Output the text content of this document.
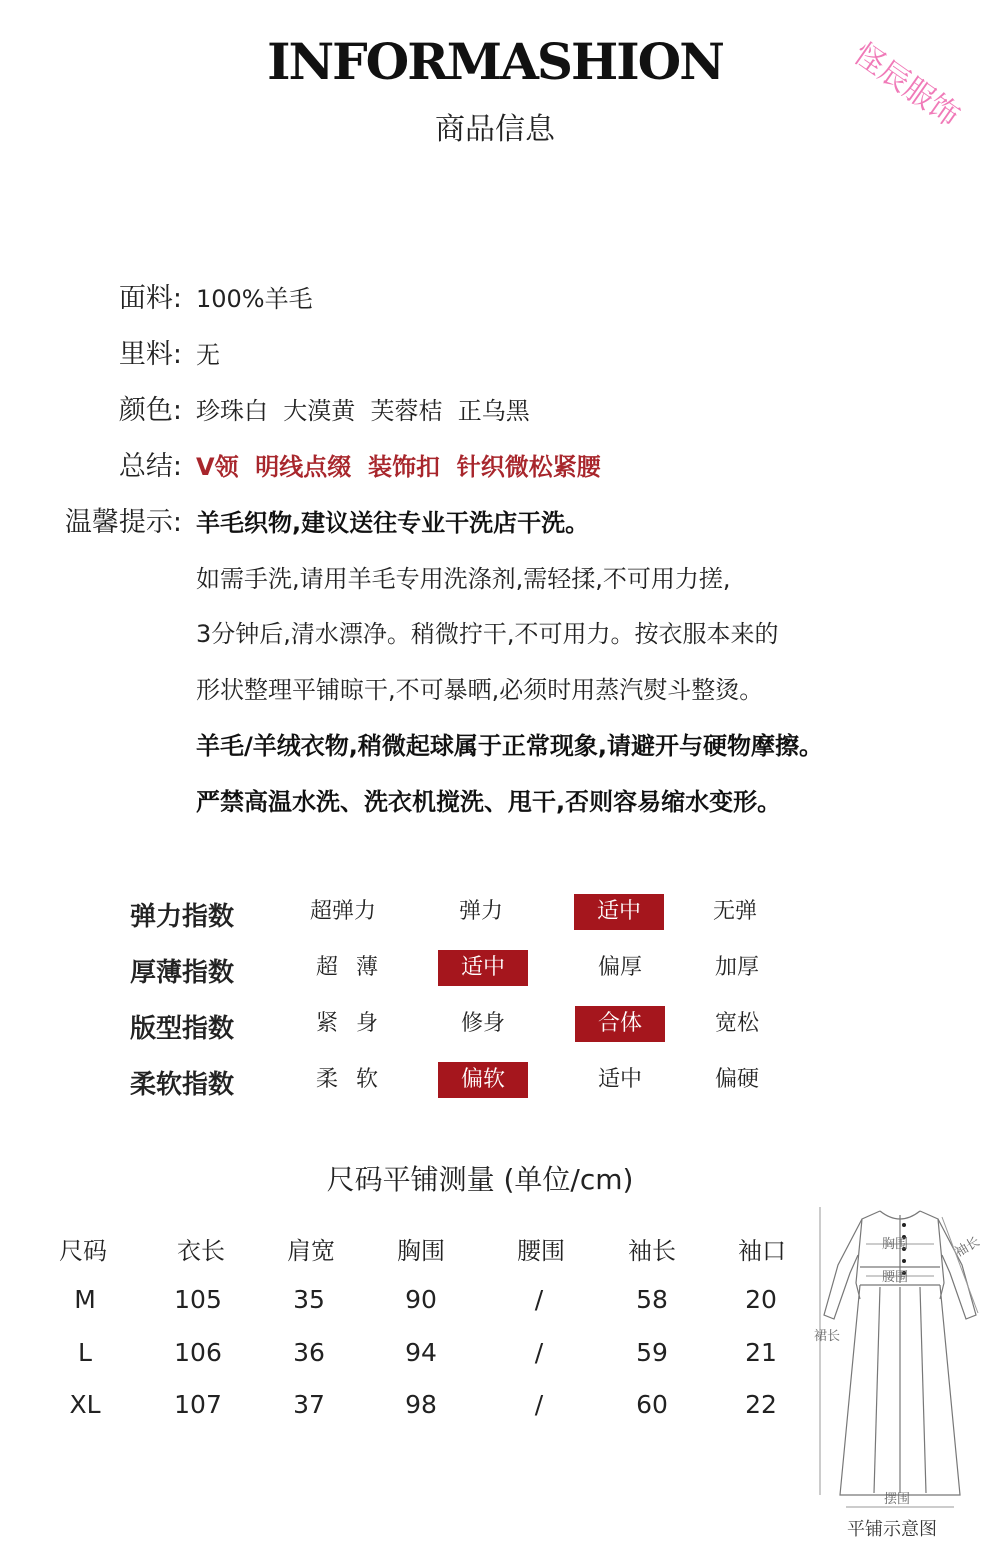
INFORMASHION
商品信息	怪辰服饰
面料: 100%羊毛
里料: 无
颜色: 珍珠白  大漠黄  芙蓉桔  正乌黑
总结: V领  明线点缀  装饰扣  针织微松紧腰
温馨提示: 羊毛织物,建议送往专业干洗店干洗。
如需手洗,请用羊毛专用洗涤剂,需轻揉,不可用力搓,
3分钟后,清水漂净。稍微拧干,不可用力。按衣服本来的
形状整理平铺晾干,不可暴晒,必须时用蒸汽熨斗整烫。
羊毛/羊绒衣物,稍微起球属于正常现象,请避开与硬物摩擦。
严禁高温水洗、洗衣机搅洗、甩干,否则容易缩水变形。
弹力指数	超弹力	弹力	适中	无弹
厚薄指数	超薄	适中	偏厚	加厚
版型指数	紧身	修身	合体	宽松
柔软指数	柔软	偏软	适中	偏硬
尺码平铺测量 (单位/cm)
尺码	衣长	肩宽	胸围	腰围	袖长	袖口
M	105	35	90	/	58	20
L	106	36	94	/	59	21
XL	107	37	98	/	60	22
胸围
腰围
袖长
裙长
摆围
平铺示意图
